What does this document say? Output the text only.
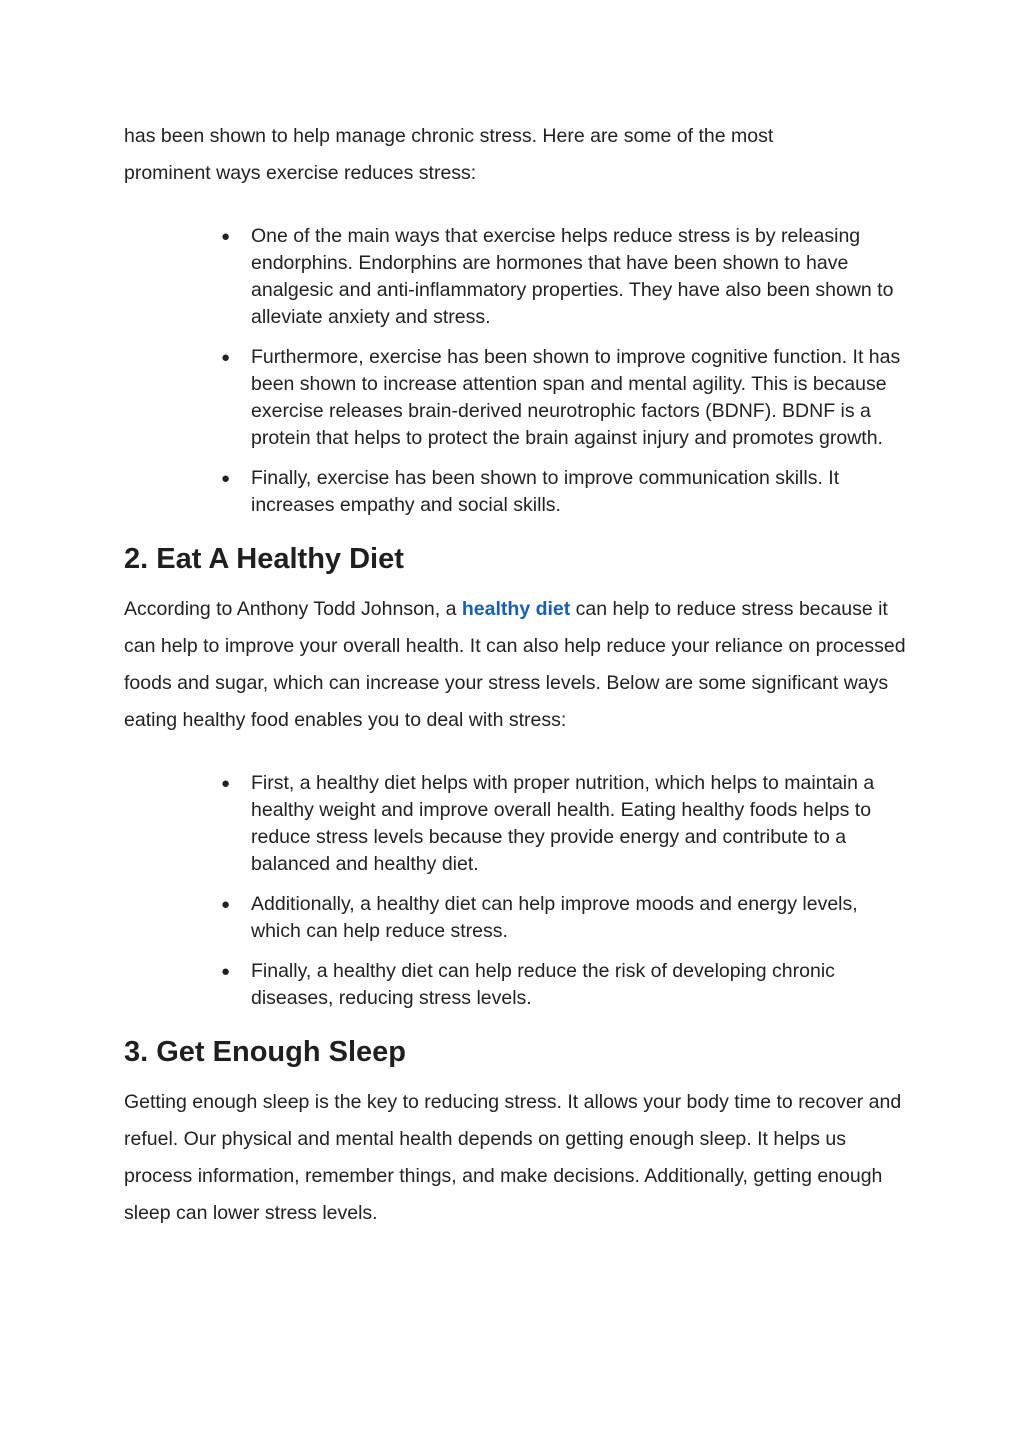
has been shown to help manage chronic stress. Here are some of the most

prominent ways exercise reduces stress:

● One of the main ways that exercise helps reduce stress is by releasing endorphins. Endorphins are hormones that have been shown to have analgesic and anti-inflammatory properties. They have also been shown to alleviate anxiety and stress.
● Furthermore, exercise has been shown to improve cognitive function. It has been shown to increase attention span and mental agility. This is because exercise releases brain-derived neurotrophic factors (BDNF). BDNF is a protein that helps to protect the brain against injury and promotes growth.
● Finally, exercise has been shown to improve communication skills. It increases empathy and social skills.
2. Eat A Healthy Diet

According to Anthony Todd Johnson, a healthy diet can help to reduce stress because it can help to improve your overall health. It can also help reduce your reliance on processed foods and sugar, which can increase your stress levels. Below are some significant ways eating healthy food enables you to deal with stress:

● First, a healthy diet helps with proper nutrition, which helps to maintain a healthy weight and improve overall health. Eating healthy foods helps to reduce stress levels because they provide energy and contribute to a balanced and healthy diet.
● Additionally, a healthy diet can help improve moods and energy levels, which can help reduce stress.
● Finally, a healthy diet can help reduce the risk of developing chronic diseases, reducing stress levels.
3. Get Enough Sleep

Getting enough sleep is the key to reducing stress. It allows your body time to recover and refuel. Our physical and mental health depends on getting enough sleep. It helps us process information, remember things, and make decisions. Additionally, getting enough sleep can lower stress levels.
